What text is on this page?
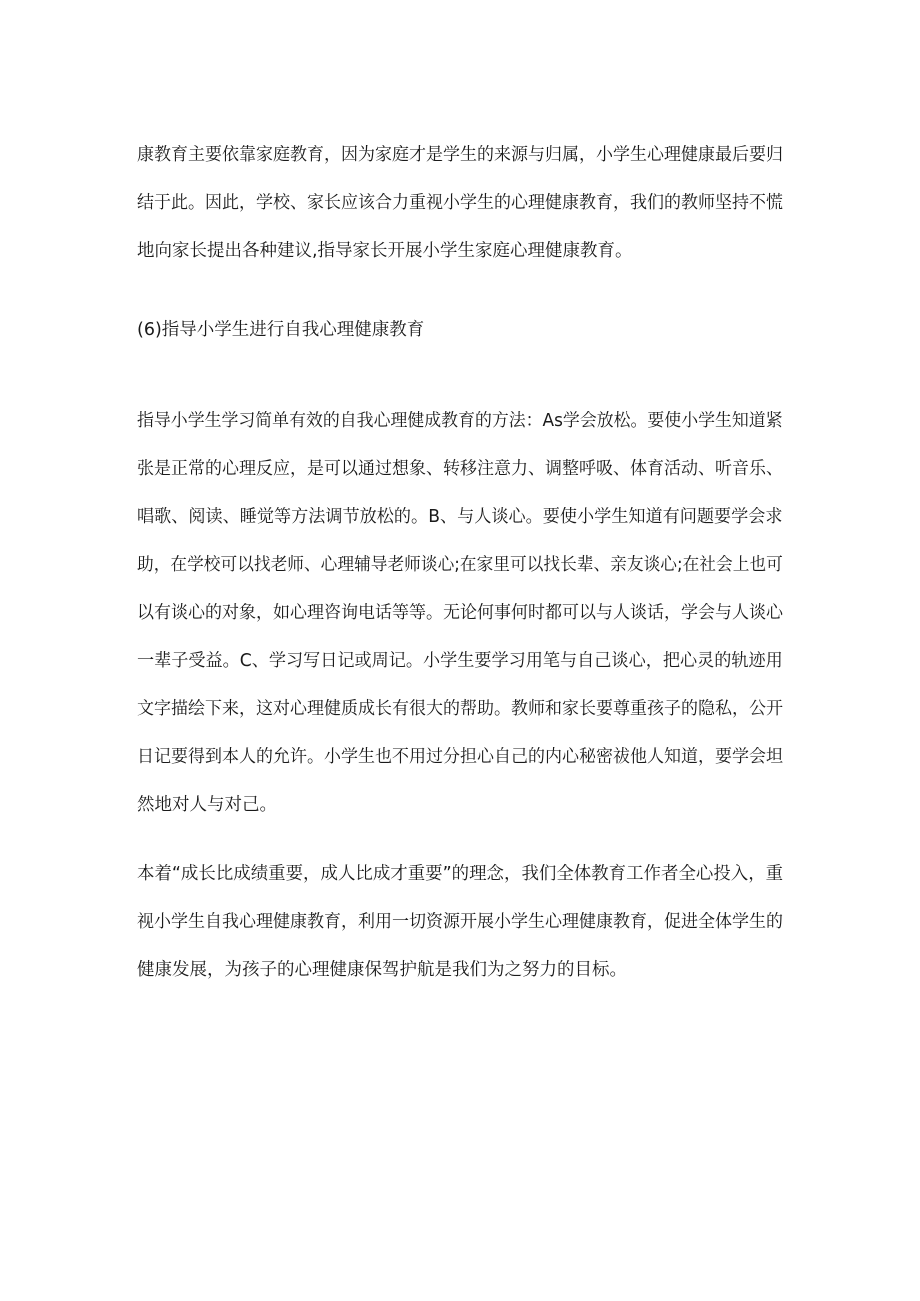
康教育主要依靠家庭教育，因为家庭才是学生的来源与归属，小学生心理健康最后要归

结于此。因此，学校、家长应该合力重视小学生的心理健康教育，我们的教师坚持不慌

地向家长提出各种建议,指导家长开展小学生家庭心理健康教育。

(6)指导小学生进行自我心理健康教育

指导小学生学习简单有效的自我心理健成教育的方法：As学会放松。要使小学生知道紧

张是正常的心理反应，是可以通过想象、转移注意力、调整呼吸、体育活动、听音乐、

唱歌、阅读、睡觉等方法调节放松的。B、与人谈心。要使小学生知道有问题要学会求

助，在学校可以找老师、心理辅导老师谈心;在家里可以找长辈、亲友谈心;在社会上也可

以有谈心的对象，如心理咨询电话等等。无论何事何时都可以与人谈话，学会与人谈心

一辈子受益。C、学习写日记或周记。小学生要学习用笔与自己谈心，把心灵的轨迹用

文字描绘下来，这对心理健质成长有很大的帮助。教师和家长要尊重孩子的隐私，公开

日记要得到本人的允许。小学生也不用过分担心自己的内心秘密祓他人知道，要学会坦

然地对人与对己。

本着“成长比成绩重要，成人比成才重要”的理念，我们全体教育工作者全心投入，重

视小学生自我心理健康教育，利用一切资源开展小学生心理健康教育，促进全体学生的

健康发展，为孩子的心理健康保驾护航是我们为之努力的目标。
